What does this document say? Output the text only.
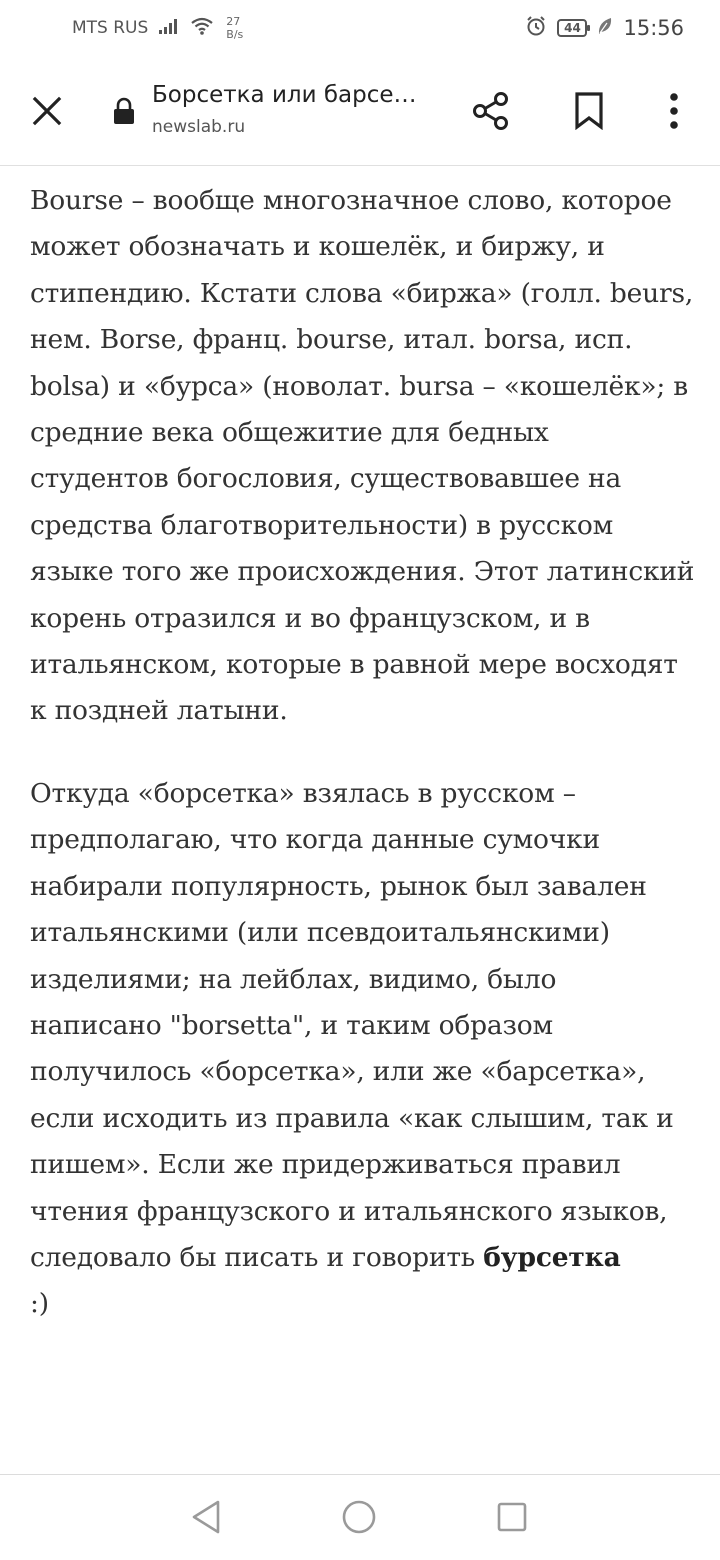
MTS RUS	27
B/s	44 15:56
Борсетка или барсе…
newslab.ru

Bourse – вообще многозначное слово, которое может обозначать и кошелёк, и биржу, и стипендию. Кстати слова «биржа» (голл. beurs, нем. Borse, франц. bourse, итал. borsa, исп. bolsa) и «бурса» (новолат. bursa – «кошелёк»; в средние века общежитие для бедных студентов богословия, существовавшее на средства благотворительности) в русском языке того же происхождения. Этот латинский корень отразился и во французском, и в итальянском, которые в равной мере восходят к поздней латыни.

Откуда «борсетка» взялась в русском – предполагаю, что когда данные сумочки набирали популярность, рынок был завален итальянскими (или псевдоитальянскими) изделиями; на лейблах, видимо, было написано "borsetta", и таким образом получилось «борсетка», или же «барсетка», если исходить из правила «как слышим, так и пишем». Если же придерживаться правил чтения французского и итальянского языков, следовало бы писать и говорить бурсетка
:)
